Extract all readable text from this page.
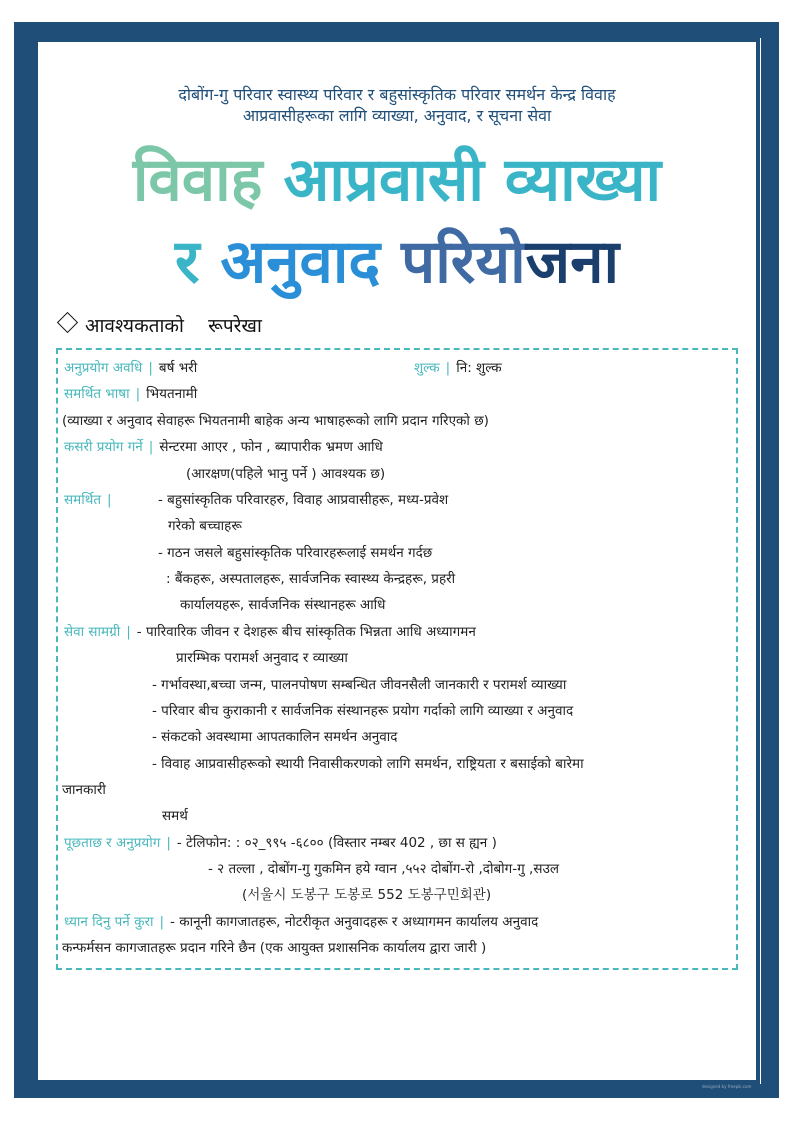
दोबोंग-गु परिवार स्वास्थ्य परिवार र बहुसांस्कृतिक परिवार समर्थन केन्द्र विवाह
आप्रवासीहरूका लागि व्याख्या, अनुवाद, र सूचना सेवा
विवाह आप्रवासी व्याख्या
र अनुवाद परियोजना
आवश्यकताको रूपरेखा
अनुप्रयोग अवधि | बर्ष भरी	शुल्क | नि: शुल्क
समर्थित भाषा | भियतनामी
(व्याख्या र अनुवाद सेवाहरू भियतनामी बाहेक अन्य भाषाहरूको लागि प्रदान गरिएको छ)
कसरी प्रयोग गर्ने | सेन्टरमा आएर , फोन , ब्यापारीक भ्रमण आधि
(आरक्षण(पहिले भानु पर्ने ) आवश्यक छ)
समर्थित |	- बहुसांस्कृतिक परिवारहरु, विवाह आप्रवासीहरू, मध्य-प्रवेश
गरेको बच्चाहरू
- गठन जसले बहुसांस्कृतिक परिवारहरूलाई समर्थन गर्दछ
: बैंकहरू, अस्पतालहरू, सार्वजनिक स्वास्थ्य केन्द्रहरू, प्रहरी
कार्यालयहरू, सार्वजनिक संस्थानहरू आधि
सेवा सामग्री | - पारिवारिक जीवन र देशहरू बीच सांस्कृतिक भिन्नता आधि अध्यागमन
प्रारम्भिक परामर्श अनुवाद र व्याख्या
- गर्भावस्था,बच्चा जन्म, पालनपोषण सम्बन्धित जीवनसैली जानकारी र परामर्श व्याख्या
- परिवार बीच कुराकानी र सार्वजनिक संस्थानहरू प्रयोग गर्दाको लागि व्याख्या र अनुवाद
- संकटको अवस्थामा आपतकालिन समर्थन अनुवाद
- विवाह आप्रवासीहरूको स्थायी निवासीकरणको लागि समर्थन, राष्ट्रियता र बसाईको बारेमा
जानकारी
समर्थ
पूछताछ र अनुप्रयोग | - टेलिफोन: : ०२_९९५ -६८०० (विस्तार नम्बर 402 , छा स ह्यन )
- २ तल्ला , दोबोंग-गु गुकमिन हये ग्वान ,५५२ दोबोंग-रो ,दोबोग-गु ,सउल
(서울시 도봉구 도봉로 552 도봉구민회관)
ध्यान दिनु पर्ने कुरा | - कानूनी कागजातहरू, नोटरीकृत अनुवादहरू र अध्यागमन कार्यालय अनुवाद
कन्फर्मसन कागजातहरू प्रदान गरिने छैन (एक आयुक्त प्रशासनिक कार्यालय द्वारा जारी )
designed by freepik.com
